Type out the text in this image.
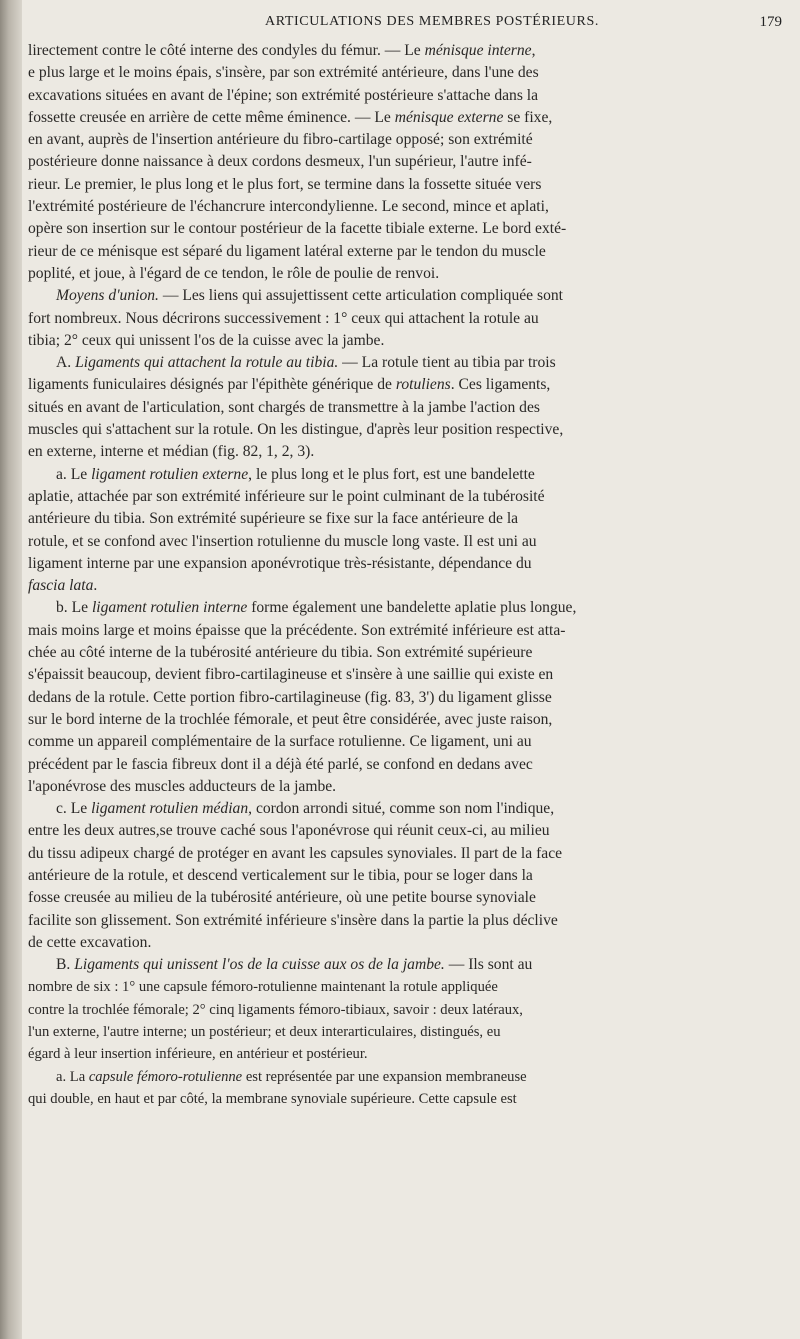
ARTICULATIONS DES MEMBRES POSTÉRIEURS.	179
lirectement contre le côté interne des condyles du fémur. — Le ménisque interne,
e plus large et le moins épais, s'insère, par son extrémité antérieure, dans l'une des
excavations situées en avant de l'épine; son extrémité postérieure s'attache dans la
fossette creusée en arrière de cette même éminence. — Le ménisque externe se fixe,
en avant, auprès de l'insertion antérieure du fibro-cartilage opposé; son extrémité
postérieure donne naissance à deux cordons desmeux, l'un supérieur, l'autre infé-
rieur. Le premier, le plus long et le plus fort, se termine dans la fossette située vers
l'extrémité postérieure de l'échancrure intercondylienne. Le second, mince et aplati,
opère son insertion sur le contour postérieur de la facette tibiale externe. Le bord exté-
rieur de ce ménisque est séparé du ligament latéral externe par le tendon du muscle
poplité, et joue, à l'égard de ce tendon, le rôle de poulie de renvoi.
Moyens d'union. — Les liens qui assujettissent cette articulation compliquée sont
fort nombreux. Nous décrirons successivement : 1° ceux qui attachent la rotule au
tibia; 2° ceux qui unissent l'os de la cuisse avec la jambe.
A. Ligaments qui attachent la rotule au tibia. — La rotule tient au tibia par trois
ligaments funiculaires désignés par l'épithète générique de rotuliens. Ces ligaments,
situés en avant de l'articulation, sont chargés de transmettre à la jambe l'action des
muscles qui s'attachent sur la rotule. On les distingue, d'après leur position respective,
en externe, interne et médian (fig. 82, 1, 2, 3).
a. Le ligament rotulien externe, le plus long et le plus fort, est une bandelette
aplatie, attachée par son extrémité inférieure sur le point culminant de la tubérosité
antérieure du tibia. Son extrémité supérieure se fixe sur la face antérieure de la
rotule, et se confond avec l'insertion rotulienne du muscle long vaste. Il est uni au
ligament interne par une expansion aponévrotique très-résistante, dépendance du
fascia lata.
b. Le ligament rotulien interne forme également une bandelette aplatie plus longue,
mais moins large et moins épaisse que la précédente. Son extrémité inférieure est atta-
chée au côté interne de la tubérosité antérieure du tibia. Son extrémité supérieure
s'épaissit beaucoup, devient fibro-cartilagineuse et s'insère à une saillie qui existe en
dedans de la rotule. Cette portion fibro-cartilagineuse (fig. 83, 3') du ligament glisse
sur le bord interne de la trochlée fémorale, et peut être considérée, avec juste raison,
comme un appareil complémentaire de la surface rotulienne. Ce ligament, uni au
précédent par le fascia fibreux dont il a déjà été parlé, se confond en dedans avec
l'aponévrose des muscles adducteurs de la jambe.
c. Le ligament rotulien médian, cordon arrondi situé, comme son nom l'indique,
entre les deux autres,se trouve caché sous l'aponévrose qui réunit ceux-ci, au milieu
du tissu adipeux chargé de protéger en avant les capsules synoviales. Il part de la face
antérieure de la rotule, et descend verticalement sur le tibia, pour se loger dans la
fosse creusée au milieu de la tubérosité antérieure, où une petite bourse synoviale
facilite son glissement. Son extrémité inférieure s'insère dans la partie la plus déclive
de cette excavation.
B. Ligaments qui unissent l'os de la cuisse aux os de la jambe. — Ils sont au
nombre de six : 1° une capsule fémoro-rotulienne maintenant la rotule appliquée
contre la trochlée fémorale; 2° cinq ligaments fémoro-tibiaux, savoir : deux latéraux,
l'un externe, l'autre interne; un postérieur; et deux interarticulaires, distingués, eu
égard à leur insertion inférieure, en antérieur et postérieur.
a. La capsule fémoro-rotulienne est représentée par une expansion membraneuse
qui double, en haut et par côté, la membrane synoviale supérieure. Cette capsule est
